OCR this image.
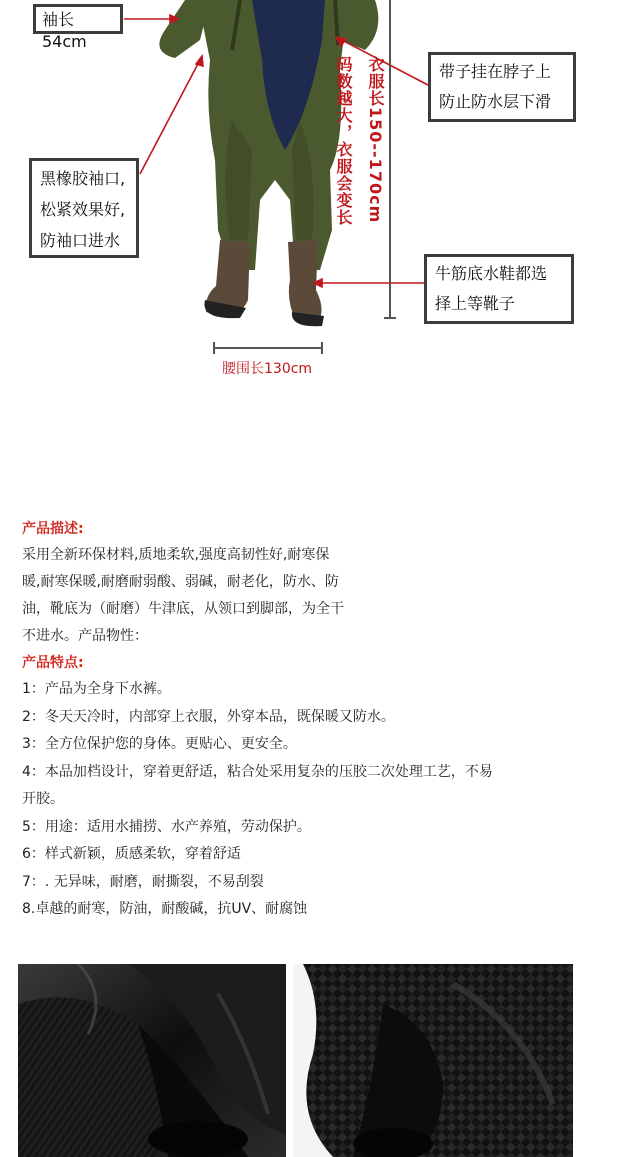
袖长54cm
带子挂在脖子上
防止防水层下滑
黑橡胶袖口,
松紧效果好,
防袖口进水
牛筋底水鞋都选
择上等靴子
衣服长150--170cm
码数越大，衣服会变长
腰围长130cm
产品描述:
采用全新环保材料,质地柔软,强度高韧性好,耐寒保
暖,耐寒保暖,耐磨耐弱酸、弱碱，耐老化，防水、防
油，靴底为（耐磨）牛津底，从领口到脚部，为全干
不进水。产品物性：
产品特点:
1：产品为全身下水裤。
2：冬天天冷时，内部穿上衣服，外穿本品，既保暖又防水。
3：全方位保护您的身体。更贴心、更安全。
4：本品加档设计，穿着更舒适，粘合处采用复杂的压胶二次处理工艺，不易
开胶。
5：用途：适用水捕捞、水产养殖，劳动保护。
6：样式新颖，质感柔软，穿着舒适
7：. 无异味，耐磨，耐撕裂，不易刮裂
8.卓越的耐寒，防油，耐酸碱，抗UV、耐腐蚀
